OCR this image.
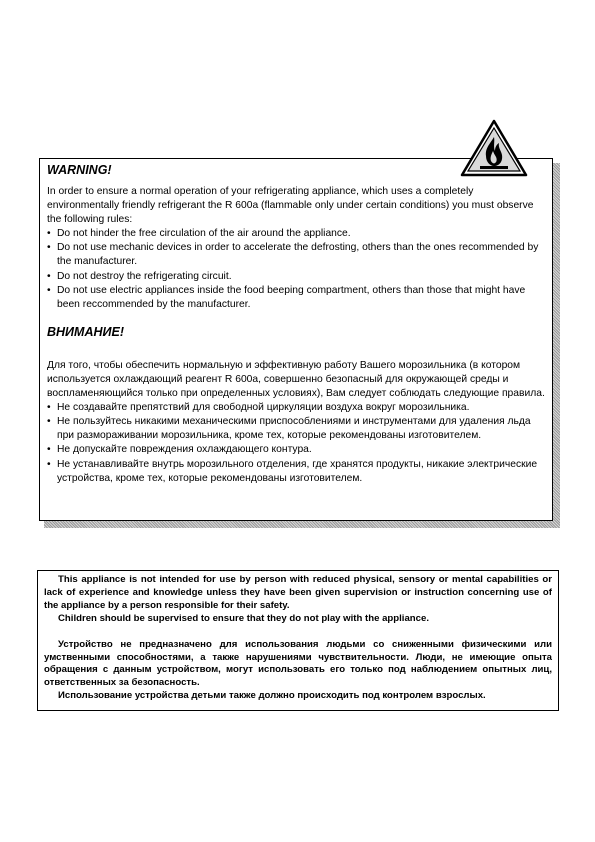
WARNING!

In order to ensure a normal operation of your refrigerating appliance, which uses a completely environmentally friendly refrigerant the R 600a (flammable only under certain conditions) you must observe the following rules:

• Do not hinder the free circulation of the air around the appliance.
• Do not use mechanic devices in order to accelerate the defrosting, others than the ones recommended by the manufacturer.
• Do not destroy the refrigerating circuit.
• Do not use electric appliances inside the food beeping compartment, others than those that might have been reccommended by the manufacturer.

ВНИМАНИЕ!

Для того, чтобы обеспечить нормальную и эффективную работу Вашего морозильника (в котором используется охлаждающий реагент R 600a, совершенно безопасный для окружающей среды и воспламеняющийся только при определенных условиях), Вам следует соблюдать следующие правила.

• Не создавайте препятствий для свободной циркуляции воздуха вокруг морозильника.
• Не пользуйтесь никакими механическими приспособлениями и инструментами для удаления льда при размораживании морозильника, кроме тех, которые рекомендованы изготовителем.
• Не допускайте повреждения охлаждающего контура.
• Не устанавливайте внутрь морозильного отделения, где хранятся продукты, никакие электрические устройства, кроме тех, которые рекомендованы изготовителем.

This appliance is not intended for use by person with reduced physical, sensory or mental capabilities or lack of experience and knowledge unless they have been given supervision or instruction concerning use of the appliance by a person responsible for their safety.

Children should be supervised to ensure that they do not play with the appliance.

Устройство не предназначено для использования людьми со сниженными физическими или умственными способностями, а также нарушениями чувствительности. Люди, не имеющие опыта обращения с данным устройством, могут использовать его только под наблюдением опытных лиц, ответственных за безопасность.

Использование устройства детьми также должно происходить под контролем взрослых.
